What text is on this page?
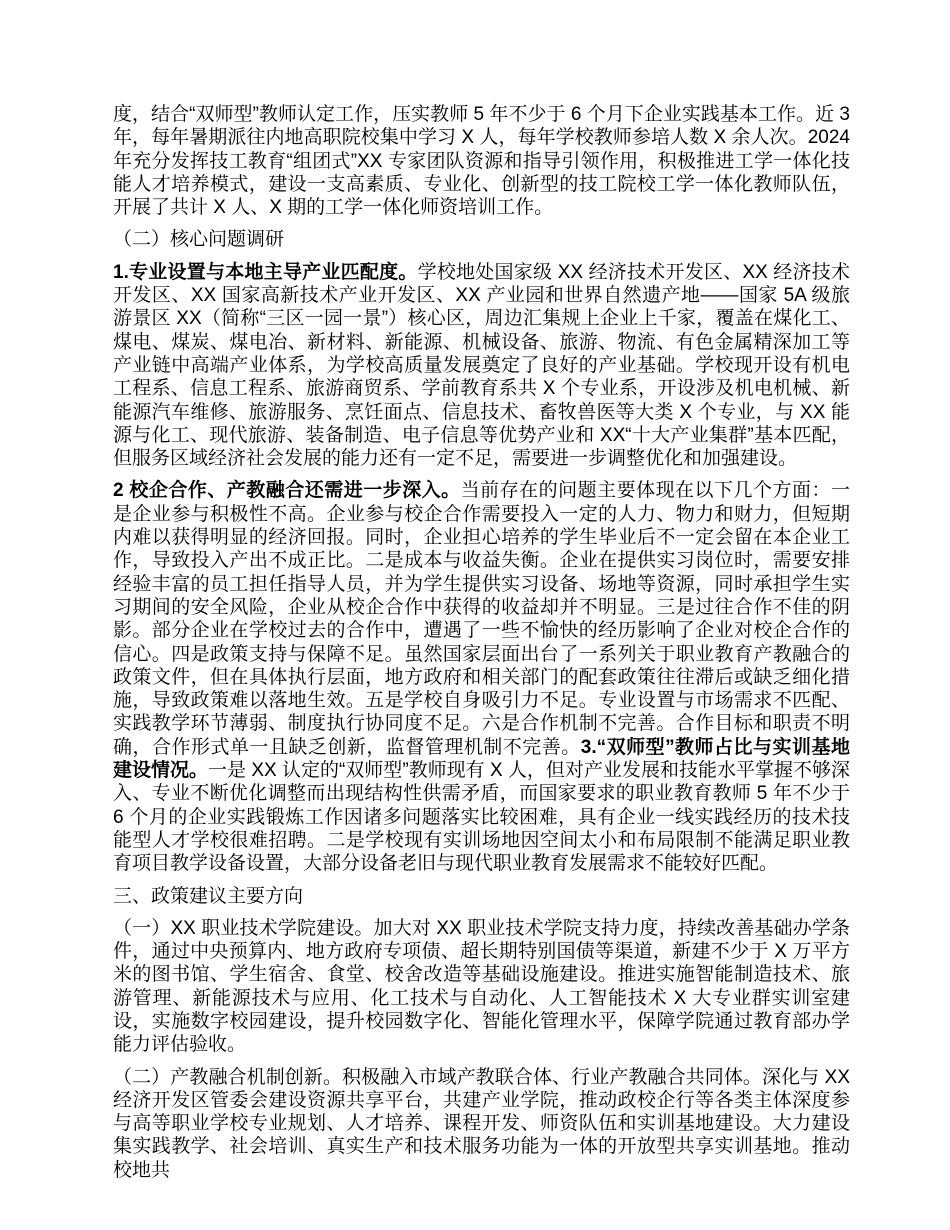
度，结合“双师型”教师认定工作，压实教师 5 年不少于 6 个月下企业实践基本工作。近 3 年，每年暑期派往内地高职院校集中学习 X 人，每年学校教师参培人数 X 余人次。2024 年充分发挥技工教育“组团式”XX 专家团队资源和指导引领作用，积极推进工学一体化技能人才培养模式，建设一支高素质、专业化、创新型的技工院校工学一体化教师队伍，开展了共计 X 人、X 期的工学一体化师资培训工作。

（二）核心问题调研

1.专业设置与本地主导产业匹配度。学校地处国家级 XX 经济技术开发区、XX 经济技术开发区、XX 国家高新技术产业开发区、XX 产业园和世界自然遗产地——国家 5A 级旅游景区 XX（简称“三区一园一景”）核心区，周边汇集规上企业上千家，覆盖在煤化工、煤电、煤炭、煤电冶、新材料、新能源、机械设备、旅游、物流、有色金属精深加工等产业链中高端产业体系，为学校高质量发展奠定了良好的产业基础。学校现开设有机电工程系、信息工程系、旅游商贸系、学前教育系共 X 个专业系，开设涉及机电机械、新能源汽车维修、旅游服务、烹饪面点、信息技术、畜牧兽医等大类 X 个专业，与 XX 能源与化工、现代旅游、装备制造、电子信息等优势产业和 XX“十大产业集群”基本匹配，但服务区域经济社会发展的能力还有一定不足，需要进一步调整优化和加强建设。

2 校企合作、产教融合还需进一步深入。当前存在的问题主要体现在以下几个方面：一是企业参与积极性不高。企业参与校企合作需要投入一定的人力、物力和财力，但短期内难以获得明显的经济回报。同时，企业担心培养的学生毕业后不一定会留在本企业工作，导致投入产出不成正比。二是成本与收益失衡。企业在提供实习岗位时，需要安排经验丰富的员工担任指导人员，并为学生提供实习设备、场地等资源，同时承担学生实习期间的安全风险，企业从校企合作中获得的收益却并不明显。三是过往合作不佳的阴影。部分企业在学校过去的合作中，遭遇了一些不愉快的经历影响了企业对校企合作的信心。四是政策支持与保障不足。虽然国家层面出台了一系列关于职业教育产教融合的政策文件，但在具体执行层面，地方政府和相关部门的配套政策往往滞后或缺乏细化措施，导致政策难以落地生效。五是学校自身吸引力不足。专业设置与市场需求不匹配、实践教学环节薄弱、制度执行协同度不足。六是合作机制不完善。合作目标和职责不明确，合作形式单一且缺乏创新，监督管理机制不完善。3.“双师型”教师占比与实训基地建设情况。一是 XX 认定的“双师型”教师现有 X 人，但对产业发展和技能水平掌握不够深入、专业不断优化调整而出现结构性供需矛盾，而国家要求的职业教育教师 5 年不少于 6 个月的企业实践锻炼工作因诸多问题落实比较困难，具有企业一线实践经历的技术技能型人才学校很难招聘。二是学校现有实训场地因空间太小和布局限制不能满足职业教育项目教学设备设置，大部分设备老旧与现代职业教育发展需求不能较好匹配。

三、政策建议主要方向

（一）XX 职业技术学院建设。加大对 XX 职业技术学院支持力度，持续改善基础办学条件，通过中央预算内、地方政府专项债、超长期特别国债等渠道，新建不少于 X 万平方米的图书馆、学生宿舍、食堂、校舍改造等基础设施建设。推进实施智能制造技术、旅游管理、新能源技术与应用、化工技术与自动化、人工智能技术 X 大专业群实训室建设，实施数字校园建设，提升校园数字化、智能化管理水平，保障学院通过教育部办学能力评估验收。

（二）产教融合机制创新。积极融入市域产教联合体、行业产教融合共同体。深化与 XX 经济开发区管委会建设资源共享平台，共建产业学院，推动政校企行等各类主体深度参与高等职业学校专业规划、人才培养、课程开发、师资队伍和实训基地建设。大力建设集实践教学、社会培训、真实生产和技术服务功能为一体的开放型共享实训基地。推动校地共
